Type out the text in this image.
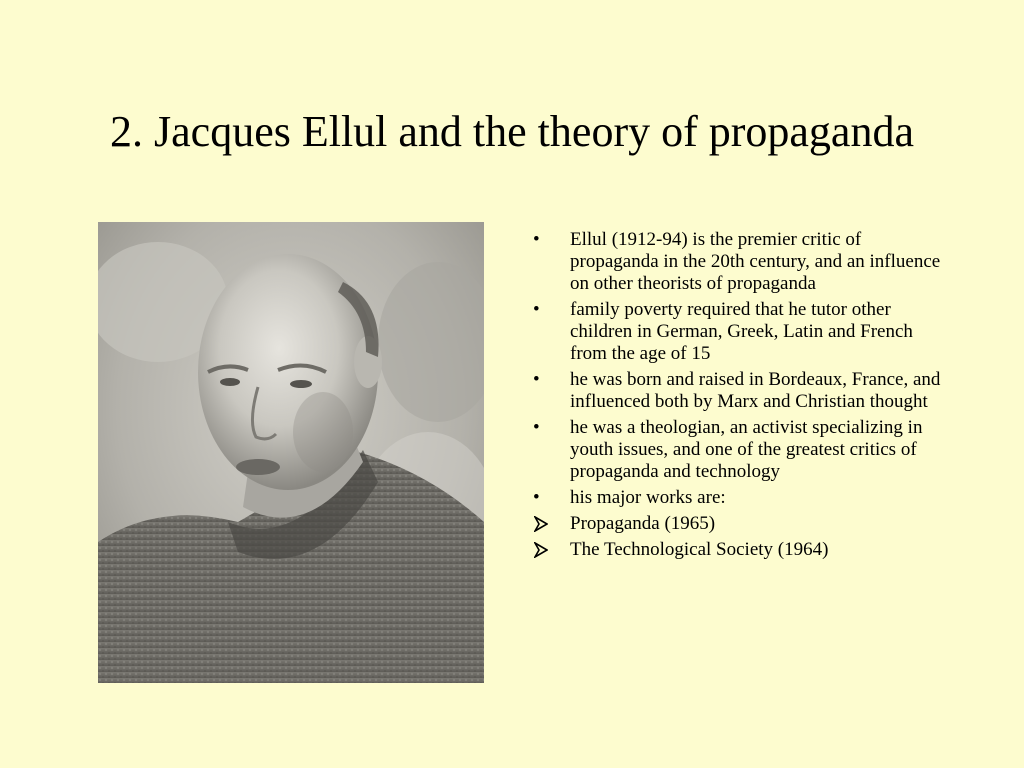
2. Jacques Ellul and the theory of propaganda
•
Ellul (1912-94) is the premier critic of propaganda in the 20th century, and an influence on other theorists of propaganda
•
family poverty required that he tutor other children in German, Greek, Latin and French from the age of 15
•
he was born and raised in Bordeaux, France, and influenced both by Marx and Christian thought
•
he was a theologian, an activist specializing in youth issues, and one of the greatest critics of propaganda and technology
•
his major works are:
Propaganda (1965)
The Technological Society (1964)
